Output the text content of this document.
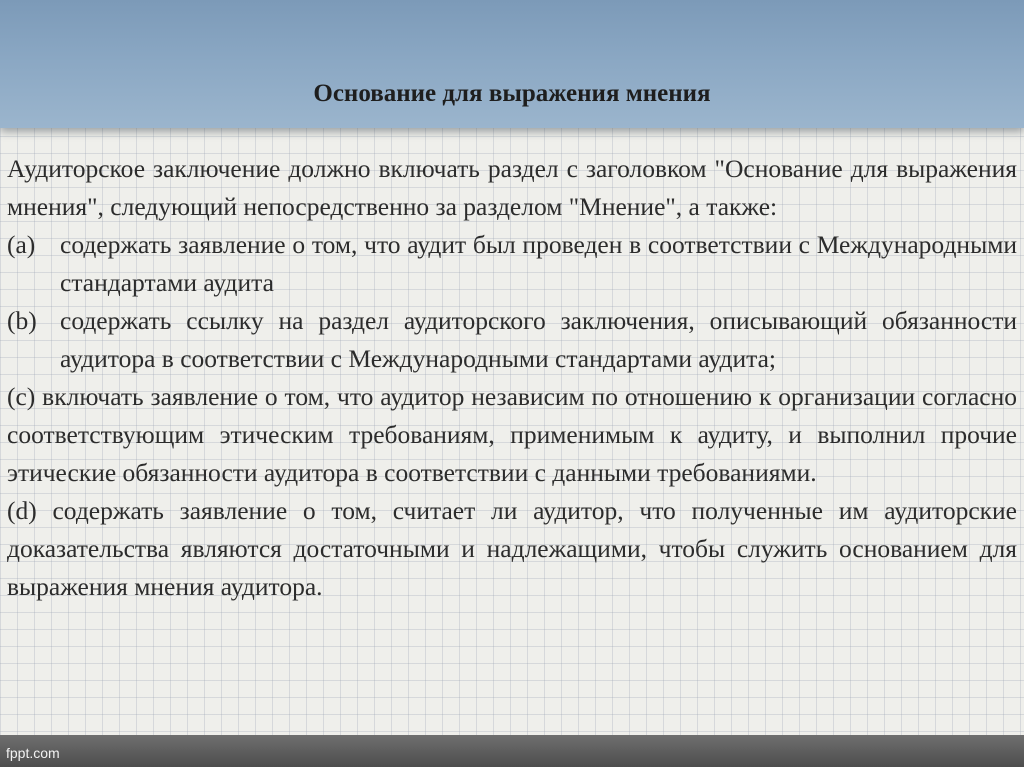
Основание для выражения мнения

Аудиторское заключение должно включать раздел с заголовком "Основание для выражения мнения", следующий непосредственно за разделом "Мнение", а также:

(a) содержать заявление о том, что аудит был проведен в соответствии с Международными стандартами аудита
(b) содержать ссылку на раздел аудиторского заключения, описывающий обязанности аудитора в соответствии с Международными стандартами аудита;

(c) включать заявление о том, что аудитор независим по отношению к организации согласно соответствующим этическим требованиям, применимым к аудиту, и выполнил прочие этические обязанности аудитора в соответствии с данными требованиями.

(d) содержать заявление о том, считает ли аудитор, что полученные им аудиторские доказательства являются достаточными и надлежащими, чтобы служить основанием для выражения мнения аудитора.

fppt.com
